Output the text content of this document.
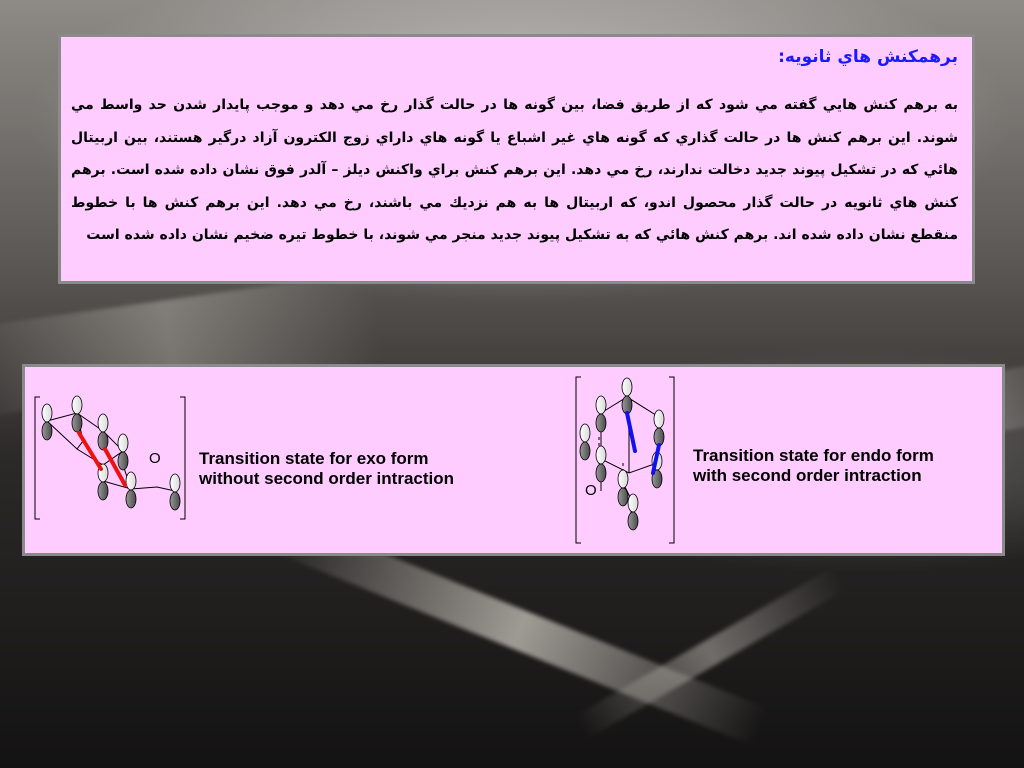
برهمکنش هاي ثانويه:
به برهم كنش هايي گفته مي شود كه از طريق فضا، بين گونه ها در حالت گذار رخ مي دهد و موجب پايدار شدن حد واسط مي شوند. اين برهم كنش ها در حالت گذاري كه گونه هاي غير اشباع يا گونه هاي داراي زوج الكترون آزاد درگير هستند، بين اربيتال هائي كه در تشكيل پيوند جديد دخالت ندارند، رخ مي دهد. اين برهم كنش براي واكنش ديلز – آلدر فوق نشان داده شده است. برهم كنش هاي ثانويه در حالت گذار محصول اندو، كه اربيتال ها به هم نزديك مي باشند، رخ مي دهد. اين برهم كنش ها با خطوط منقطع نشان داده شده اند. برهم كنش هائي كه به تشكيل پيوند جديد منجر مي شوند، با خطوط تيره ضخيم نشان داده شده است
O Transition state for exo form
without second order intraction
O
Transition state for endo form
with second order intraction
